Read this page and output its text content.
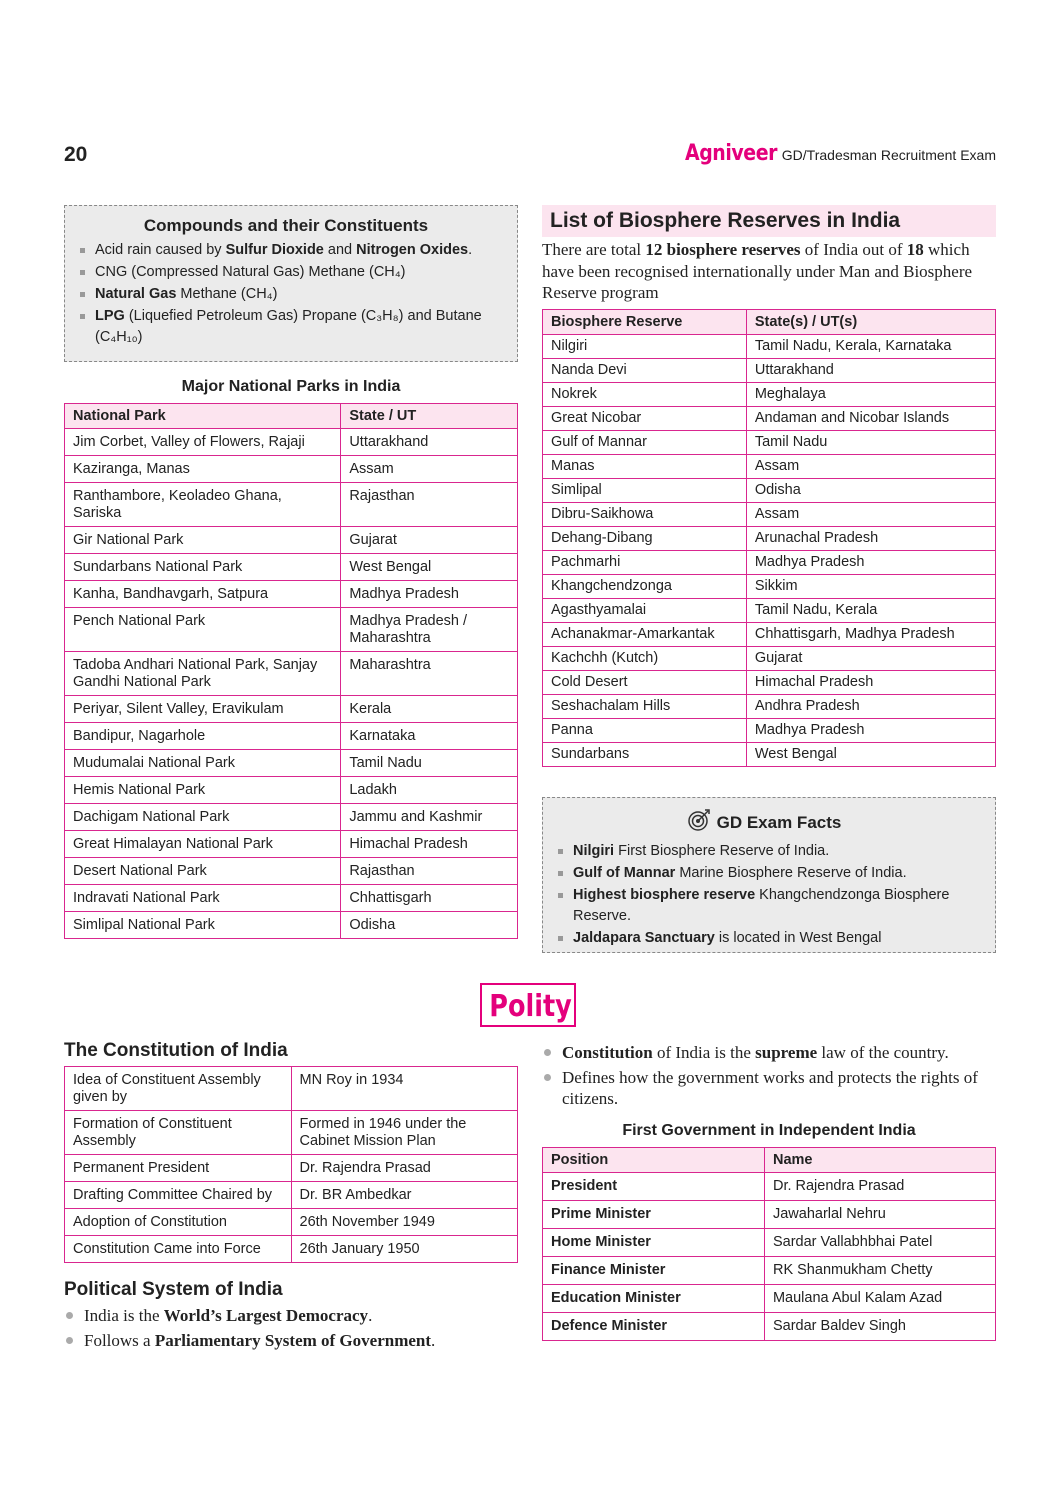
20	Agniveer GD/Tradesman Recruitment Exam
Compounds and their Constituents
Acid rain caused by Sulfur Dioxide and Nitrogen Oxides.
CNG (Compressed Natural Gas) Methane (CH₄)
Natural Gas Methane (CH₄)
LPG (Liquefied Petroleum Gas) Propane (C₃H₈) and Butane (C₄H₁₀)
Major National Parks in India
National Park	State / UT
Jim Corbet, Valley of Flowers, Rajaji	Uttarakhand
Kaziranga, Manas	Assam
Ranthambore, Keoladeo Ghana, Sariska	Rajasthan
Gir National Park	Gujarat
Sundarbans National Park	West Bengal
Kanha, Bandhavgarh, Satpura	Madhya Pradesh
Pench National Park	Madhya Pradesh / Maharashtra
Tadoba Andhari National Park, Sanjay Gandhi National Park	Maharashtra
Periyar, Silent Valley, Eravikulam	Kerala
Bandipur, Nagarhole	Karnataka
Mudumalai National Park	Tamil Nadu
Hemis National Park	Ladakh
Dachigam National Park	Jammu and Kashmir
Great Himalayan National Park	Himachal Pradesh
Desert National Park	Rajasthan
Indravati National Park	Chhattisgarh
Simlipal National Park	Odisha
List of Biosphere Reserves in India
There are total 12 biosphere reserves of India out of 18 which have been recognised internationally under Man and Biosphere Reserve program
Biosphere Reserve	State(s) / UT(s)
Nilgiri	Tamil Nadu, Kerala, Karnataka
Nanda Devi	Uttarakhand
Nokrek	Meghalaya
Great Nicobar	Andaman and Nicobar Islands
Gulf of Mannar	Tamil Nadu
Manas	Assam
Simlipal	Odisha
Dibru-Saikhowa	Assam
Dehang-Dibang	Arunachal Pradesh
Pachmarhi	Madhya Pradesh
Khangchendzonga	Sikkim
Agasthyamalai	Tamil Nadu, Kerala
Achanakmar-Amarkantak	Chhattisgarh, Madhya Pradesh
Kachchh (Kutch)	Gujarat
Cold Desert	Himachal Pradesh
Seshachalam Hills	Andhra Pradesh
Panna	Madhya Pradesh
Sundarbans	West Bengal
GD Exam Facts
Nilgiri First Biosphere Reserve of India.
Gulf of Mannar Marine Biosphere Reserve of India.
Highest biosphere reserve Khangchendzonga Biosphere Reserve.
Jaldapara Sanctuary is located in West Bengal
Polity
The Constitution of India
Idea of Constituent Assembly given by	MN Roy in 1934
Formation of Constituent Assembly	Formed in 1946 under the Cabinet Mission Plan
Permanent President	Dr. Rajendra Prasad
Drafting Committee Chaired by	Dr. BR Ambedkar
Adoption of Constitution	26th November 1949
Constitution Came into Force	26th January 1950
Political System of India
India is the World’s Largest Democracy.
Follows a Parliamentary System of Government.
Constitution of India is the supreme law of the country.
Defines how the government works and protects the rights of citizens.
First Government in Independent India
Position	Name
President	Dr. Rajendra Prasad
Prime Minister	Jawaharlal Nehru
Home Minister	Sardar Vallabhbhai Patel
Finance Minister	RK Shanmukham Chetty
Education Minister	Maulana Abul Kalam Azad
Defence Minister	Sardar Baldev Singh
